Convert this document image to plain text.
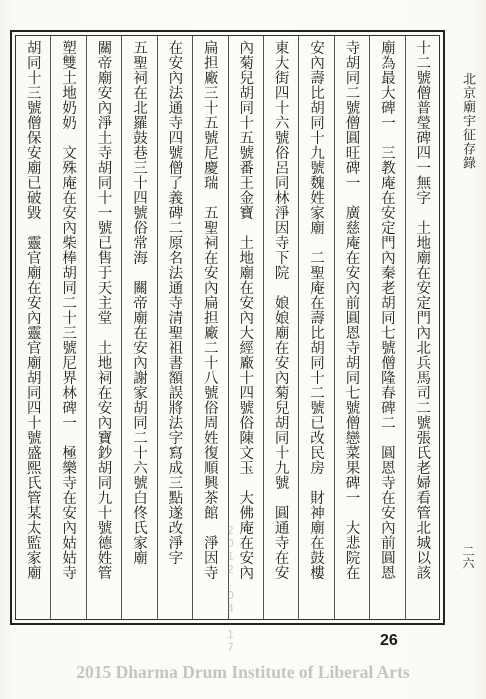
十二號僧普瑩碑四一無字　土地廟在安定門內北兵馬司二號張氏老婦看管北城以該
廟為最大碑一　三教庵在安定門內秦老胡同七號僧隆春碑二　圓恩寺在安內前圓恩
寺胡同二號僧圓旺碑一　廣慈庵在安內前圓恩寺胡同七號僧戀菜果碑一　大悲院在
安內壽比胡同十九號魏姓家廟　二聖庵在壽比胡同十二號已改民房　財神廟在鼓樓
東大街四十六號俗呂同林淨因寺下院　娘娘廟在安內菊兒胡同十九號　圓通寺在安
內菊兒胡同十五號番王金寶　土地廟在安內大經廠十四號俗陳文玉　大佛庵在安內
扁担廠三十五號尼慶瑞　五聖祠在安內扁担廠二十八號俗周姓復順興茶館　淨因寺
在安內法通寺四號僧了義碑二原名法通寺清聖祖書額誤將法字寫成三點遂改淨字
五聖祠在北羅鼓巷三十四號俗常海　關帝廟在安內謝家胡同二十六號白佟氏家廟
關帝廟安內淨土寺胡同十一號已售于天主堂　土地祠在安內寶鈔胡同九十號德姓管
塑雙土地奶奶　文殊庵在安內柴棒胡同二十三號尼界林碑一　極樂寺在安內姑姑寺
胡同十三號僧保安廟已破毀　靈官廟在安內靈官廟胡同四十號盛熙氏管某太監家廟
2012.04.17
北京廟宇征存錄
二六
26
2015 Dharma Drum Institute of Liberal Arts
